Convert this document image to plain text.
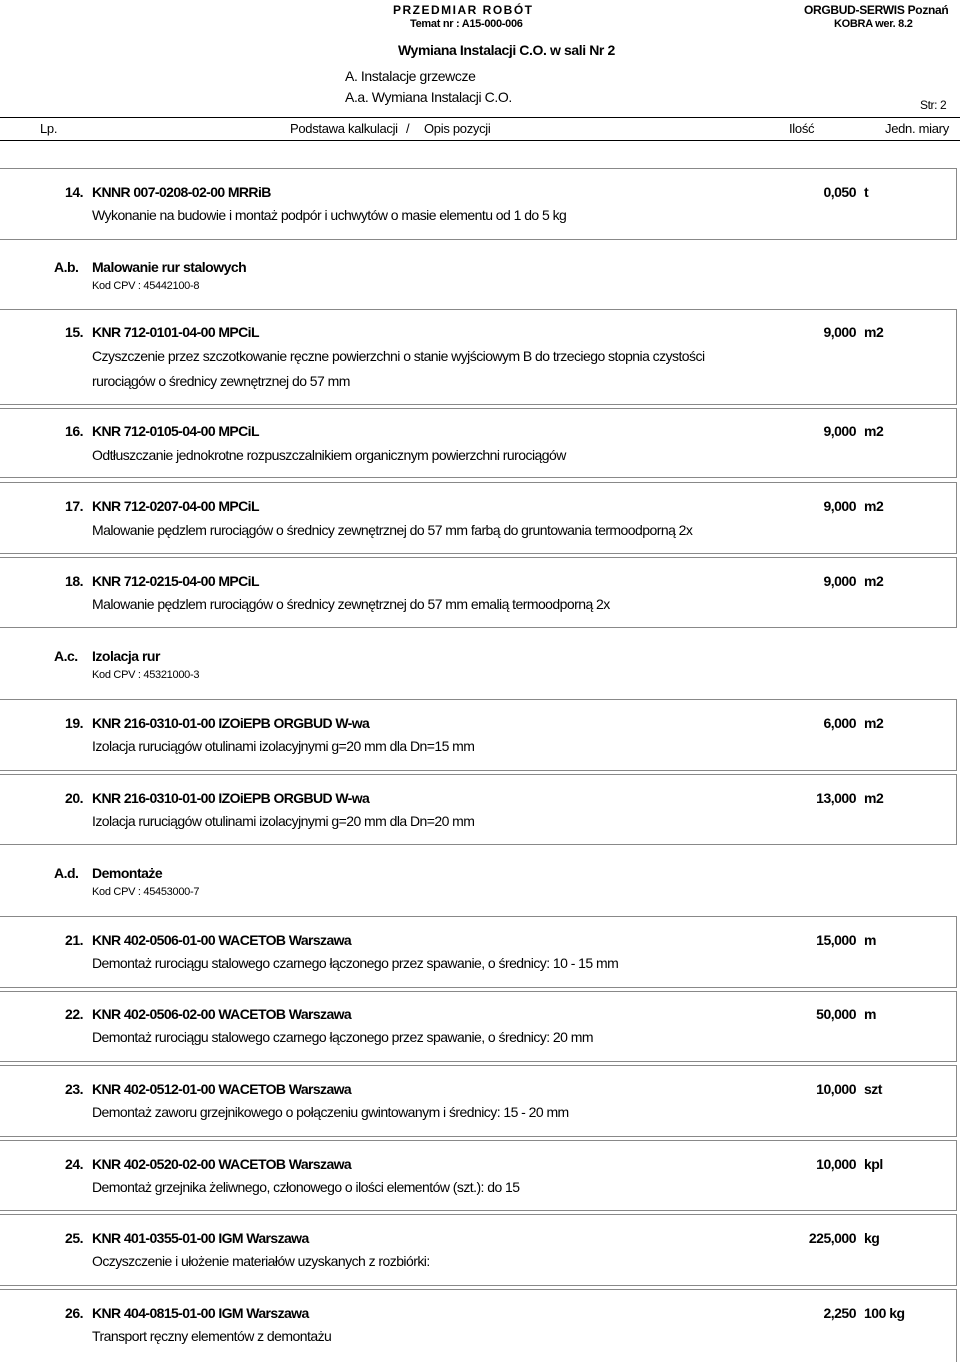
PRZEDMIAR ROBÓT
Temat nr : A15-000-006
ORGBUD-SERWIS Poznań
KOBRA wer. 8.2
Wymiana Instalacji C.O. w sali Nr 2
A. Instalacje grzewcze
A.a. Wymiana Instalacji C.O.	Str: 2
Lp.	Podstawa kalkulacji / Opis pozycji	Ilość	Jedn. miary
14. KNNR 007-0208-02-00 MRRiB	0,050 t
Wykonanie na budowie i montaż podpór i uchwytów o masie elementu od 1 do 5 kg
A.b. Malowanie rur stalowych
Kod CPV : 45442100-8
15. KNR 712-0101-04-00 MPCiL	9,000 m2
Czyszczenie przez szczotkowanie ręczne powierzchni o stanie wyjściowym B do trzeciego stopnia czystości
rurociągów o średnicy zewnętrznej do 57 mm
16. KNR 712-0105-04-00 MPCiL	9,000 m2
Odtłuszczanie jednokrotne rozpuszczalnikiem organicznym powierzchni rurociągów
17. KNR 712-0207-04-00 MPCiL	9,000 m2
Malowanie pędzlem rurociągów o średnicy zewnętrznej do 57 mm farbą do gruntowania termoodporną 2x
18. KNR 712-0215-04-00 MPCiL	9,000 m2
Malowanie pędzlem rurociągów o średnicy zewnętrznej do 57 mm emalią termoodporną 2x
A.c. Izolacja rur
Kod CPV : 45321000-3
19. KNR 216-0310-01-00 IZOiEPB ORGBUD W-wa	6,000 m2
Izolacja ruruciągów otulinami izolacyjnymi g=20 mm dla Dn=15 mm
20. KNR 216-0310-01-00 IZOiEPB ORGBUD W-wa	13,000 m2
Izolacja ruruciągów otulinami izolacyjnymi g=20 mm dla Dn=20 mm
A.d. Demontaże
Kod CPV : 45453000-7
21. KNR 402-0506-01-00 WACETOB Warszawa	15,000 m
Demontaż rurociągu stalowego czarnego łączonego przez spawanie, o średnicy: 10 - 15 mm
22. KNR 402-0506-02-00 WACETOB Warszawa	50,000 m
Demontaż rurociągu stalowego czarnego łączonego przez spawanie, o średnicy: 20 mm
23. KNR 402-0512-01-00 WACETOB Warszawa	10,000 szt
Demontaż zaworu grzejnikowego o połączeniu gwintowanym i średnicy: 15 - 20 mm
24. KNR 402-0520-02-00 WACETOB Warszawa	10,000 kpl
Demontaż grzejnika żeliwnego, członowego o ilości elementów (szt.): do 15
25. KNR 401-0355-01-00 IGM Warszawa	225,000 kg
Oczyszczenie i ułożenie materiałów uzyskanych z rozbiórki:
26. KNR 404-0815-01-00 IGM Warszawa	2,250 100 kg
Transport ręczny elementów z demontażu
